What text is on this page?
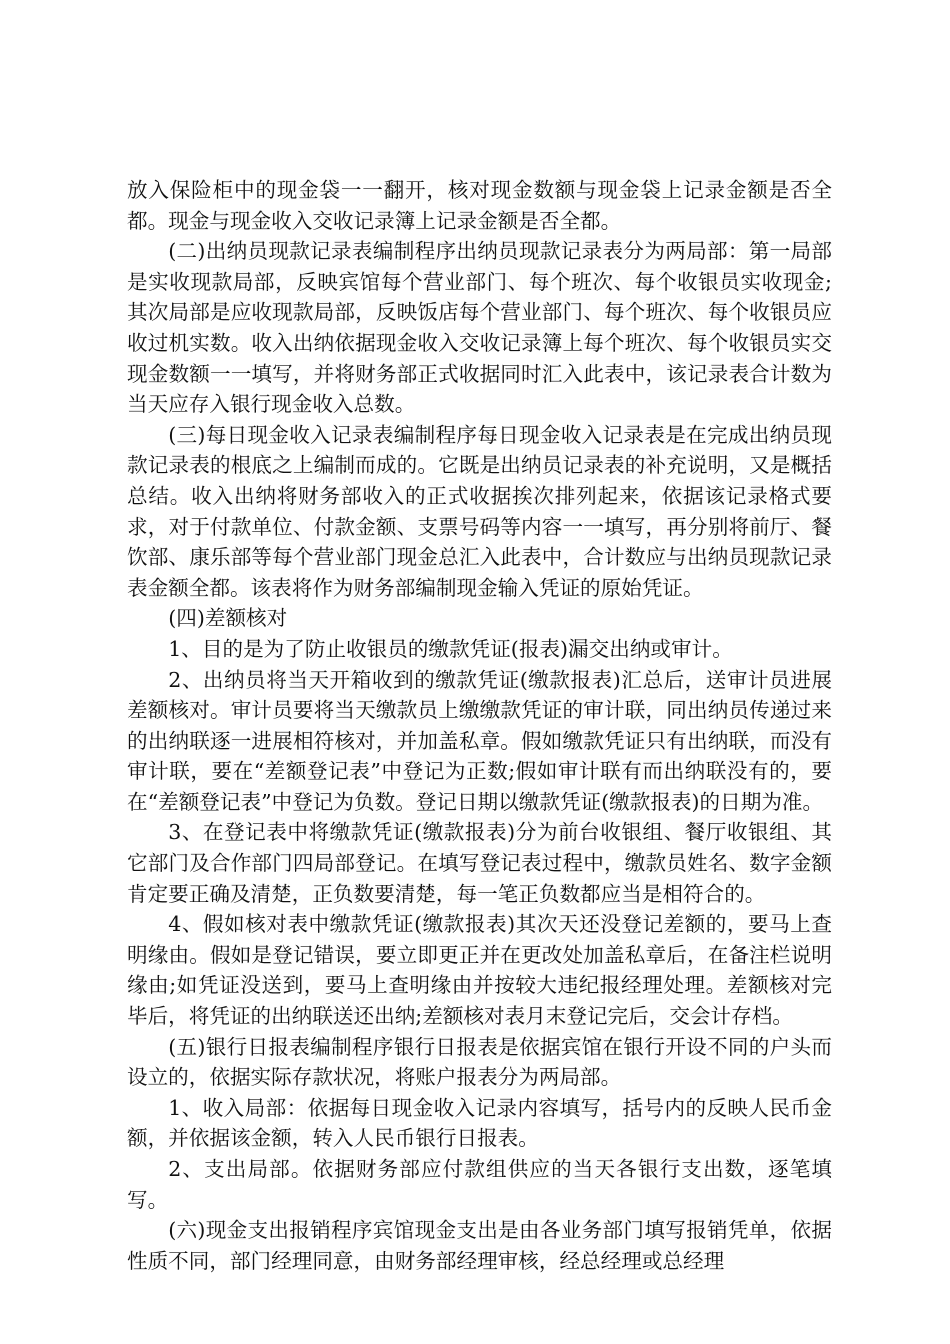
放入保险柜中的现金袋一一翻开，核对现金数额与现金袋上记录金额是否全都。现金与现金收入交收记录簿上记录金额是否全都。

(二)出纳员现款记录表编制程序出纳员现款记录表分为两局部：第一局部是实收现款局部，反映宾馆每个营业部门、每个班次、每个收银员实收现金;其次局部是应收现款局部，反映饭店每个营业部门、每个班次、每个收银员应收过机实数。收入出纳依据现金收入交收记录簿上每个班次、每个收银员实交现金数额一一填写，并将财务部正式收据同时汇入此表中，该记录表合计数为当天应存入银行现金收入总数。

(三)每日现金收入记录表编制程序每日现金收入记录表是在完成出纳员现款记录表的根底之上编制而成的。它既是出纳员记录表的补充说明，又是概括总结。收入出纳将财务部收入的正式收据挨次排列起来，依据该记录格式要求，对于付款单位、付款金额、支票号码等内容一一填写，再分别将前厅、餐饮部、康乐部等每个营业部门现金总汇入此表中，合计数应与出纳员现款记录表金额全都。该表将作为财务部编制现金输入凭证的原始凭证。

(四)差额核对

1、目的是为了防止收银员的缴款凭证(报表)漏交出纳或审计。

2、出纳员将当天开箱收到的缴款凭证(缴款报表)汇总后，送审计员进展差额核对。审计员要将当天缴款员上缴缴款凭证的审计联，同出纳员传递过来的出纳联逐一进展相符核对，并加盖私章。假如缴款凭证只有出纳联，而没有审计联，要在“差额登记表”中登记为正数;假如审计联有而出纳联没有的，要在“差额登记表”中登记为负数。登记日期以缴款凭证(缴款报表)的日期为准。

3、在登记表中将缴款凭证(缴款报表)分为前台收银组、餐厅收银组、其它部门及合作部门四局部登记。在填写登记表过程中，缴款员姓名、数字金额肯定要正确及清楚，正负数要清楚，每一笔正负数都应当是相符合的。

4、假如核对表中缴款凭证(缴款报表)其次天还没登记差额的，要马上查明缘由。假如是登记错误，要立即更正并在更改处加盖私章后，在备注栏说明缘由;如凭证没送到，要马上查明缘由并按较大违纪报经理处理。差额核对完毕后，将凭证的出纳联送还出纳;差额核对表月末登记完后，交会计存档。

(五)银行日报表编制程序银行日报表是依据宾馆在银行开设不同的户头而设立的，依据实际存款状况，将账户报表分为两局部。

1、收入局部：依据每日现金收入记录内容填写，括号内的反映人民币金额，并依据该金额，转入人民币银行日报表。

2、支出局部。依据财务部应付款组供应的当天各银行支出数，逐笔填写。

(六)现金支出报销程序宾馆现金支出是由各业务部门填写报销凭单，依据性质不同，部门经理同意，由财务部经理审核，经总经理或总经理
